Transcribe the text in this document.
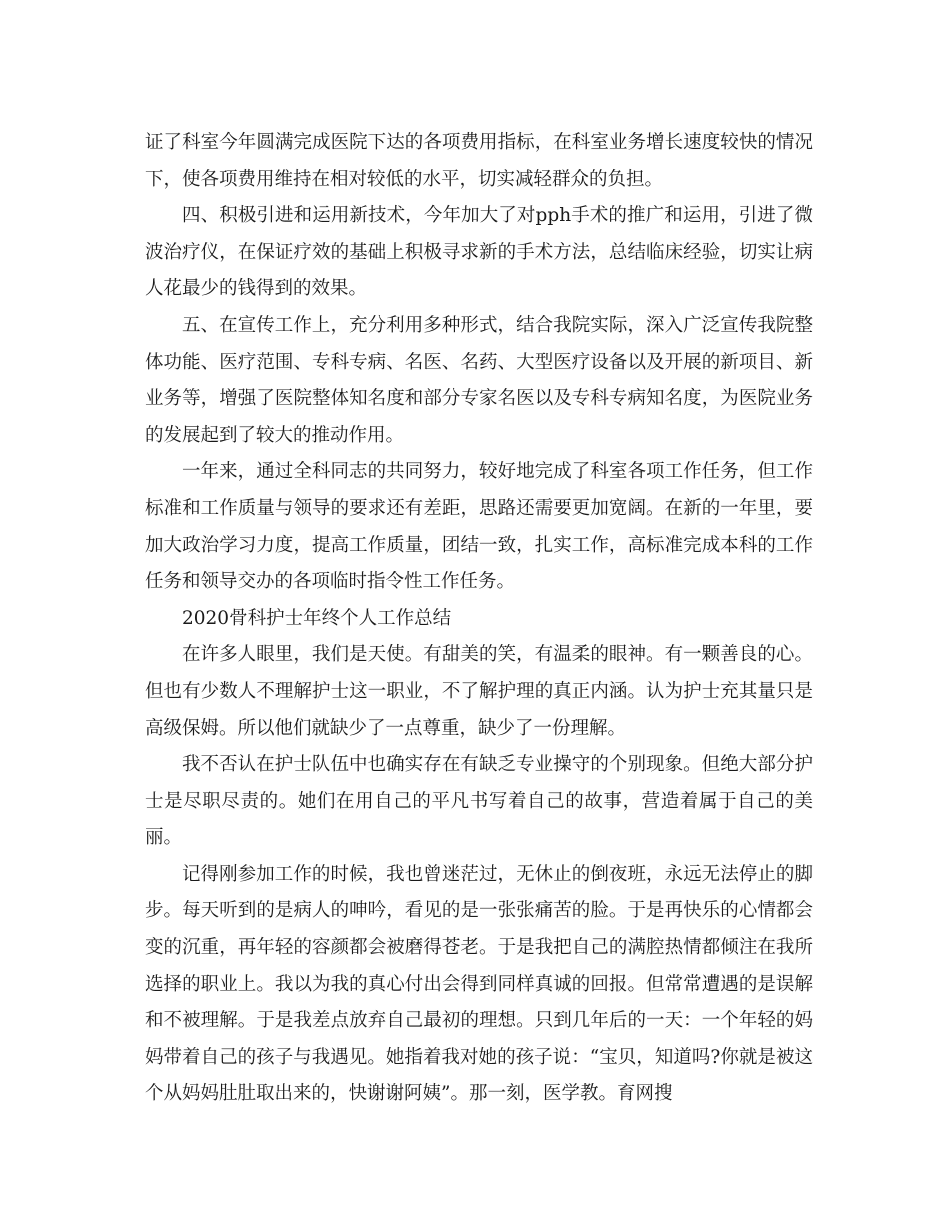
证了科室今年圆满完成医院下达的各项费用指标，在科室业务增长速度较快的情况下，使各项费用维持在相对较低的水平，切实减轻群众的负担。

四、积极引进和运用新技术，今年加大了对pph手术的推广和运用，引进了微波治疗仪，在保证疗效的基础上积极寻求新的手术方法，总结临床经验，切实让病人花最少的钱得到的效果。

五、在宣传工作上，充分利用多种形式，结合我院实际，深入广泛宣传我院整体功能、医疗范围、专科专病、名医、名药、大型医疗设备以及开展的新项目、新业务等，增强了医院整体知名度和部分专家名医以及专科专病知名度，为医院业务的发展起到了较大的推动作用。

一年来，通过全科同志的共同努力，较好地完成了科室各项工作任务，但工作标准和工作质量与领导的要求还有差距，思路还需要更加宽阔。在新的一年里，要加大政治学习力度，提高工作质量，团结一致，扎实工作，高标准完成本科的工作任务和领导交办的各项临时指令性工作任务。

2020骨科护士年终个人工作总结

在许多人眼里，我们是天使。有甜美的笑，有温柔的眼神。有一颗善良的心。但也有少数人不理解护士这一职业，不了解护理的真正内涵。认为护士充其量只是高级保姆。所以他们就缺少了一点尊重，缺少了一份理解。

我不否认在护士队伍中也确实存在有缺乏专业操守的个别现象。但绝大部分护士是尽职尽责的。她们在用自己的平凡书写着自己的故事，营造着属于自己的美丽。

记得刚参加工作的时候，我也曾迷茫过，无休止的倒夜班，永远无法停止的脚步。每天听到的是病人的呻吟，看见的是一张张痛苦的脸。于是再快乐的心情都会变的沉重，再年轻的容颜都会被磨得苍老。于是我把自己的满腔热情都倾注在我所选择的职业上。我以为我的真心付出会得到同样真诚的回报。但常常遭遇的是误解和不被理解。于是我差点放弃自己最初的理想。只到几年后的一天：一个年轻的妈妈带着自己的孩子与我遇见。她指着我对她的孩子说：“宝贝，知道吗?你就是被这个从妈妈肚肚取出来的，快谢谢阿姨”。那一刻，医学教。育网搜
